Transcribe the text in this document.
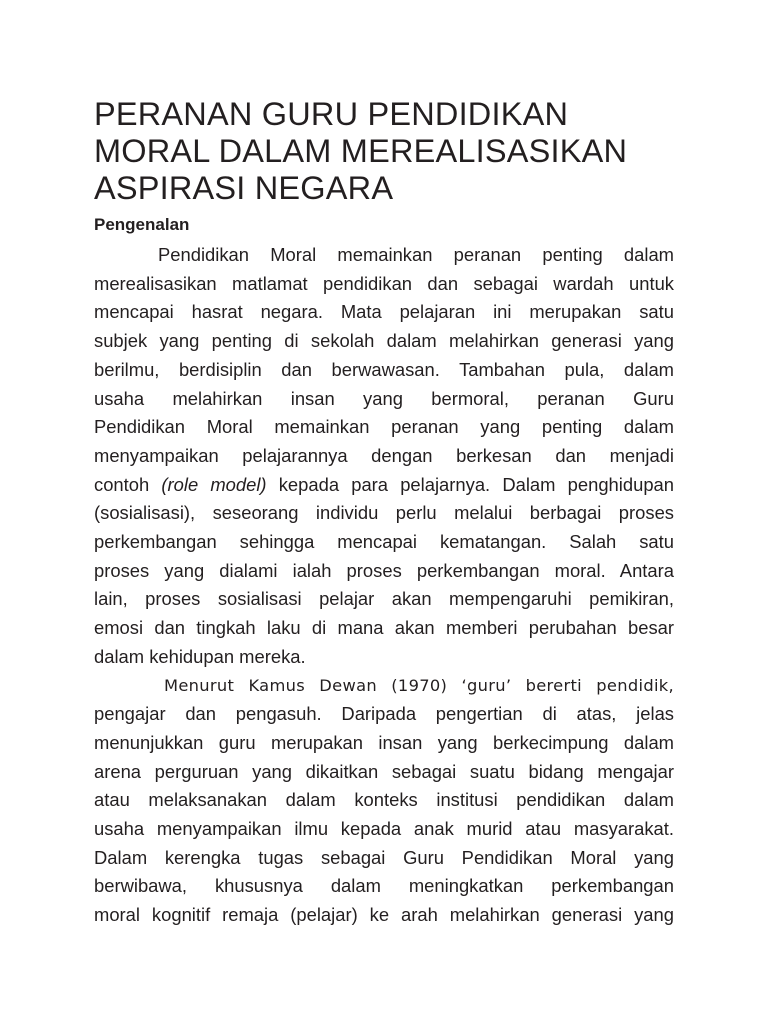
PERANAN GURU PENDIDIKAN
MORAL DALAM MEREALISASIKAN
ASPIRASI NEGARA
Pengenalan

Pendidikan Moral memainkan peranan penting dalam
merealisasikan matlamat pendidikan dan sebagai wardah untuk
mencapai hasrat negara. Mata pelajaran ini merupakan satu
subjek yang penting di sekolah dalam melahirkan generasi yang
berilmu, berdisiplin dan berwawasan. Tambahan pula, dalam
usaha melahirkan insan yang bermoral, peranan Guru
Pendidikan Moral memainkan peranan yang penting dalam
menyampaikan pelajarannya dengan berkesan dan menjadi
contoh (role model) kepada para pelajarnya. Dalam penghidupan
(sosialisasi), seseorang individu perlu melalui berbagai proses
perkembangan sehingga mencapai kematangan. Salah satu
proses yang dialami ialah proses perkembangan moral. Antara
lain, proses sosialisasi pelajar akan mempengaruhi pemikiran,
emosi dan tingkah laku di mana akan memberi perubahan besar
dalam kehidupan mereka.

Menurut Kamus Dewan (1970) ‘guru’ bererti pendidik,
pengajar dan pengasuh. Daripada pengertian di atas, jelas
menunjukkan guru merupakan insan yang berkecimpung dalam
arena perguruan yang dikaitkan sebagai suatu bidang mengajar
atau melaksanakan dalam konteks institusi pendidikan dalam
usaha menyampaikan ilmu kepada anak murid atau masyarakat.
Dalam kerengka tugas sebagai Guru Pendidikan Moral yang
berwibawa, khususnya dalam meningkatkan perkembangan
moral kognitif remaja (pelajar) ke arah melahirkan generasi yang
